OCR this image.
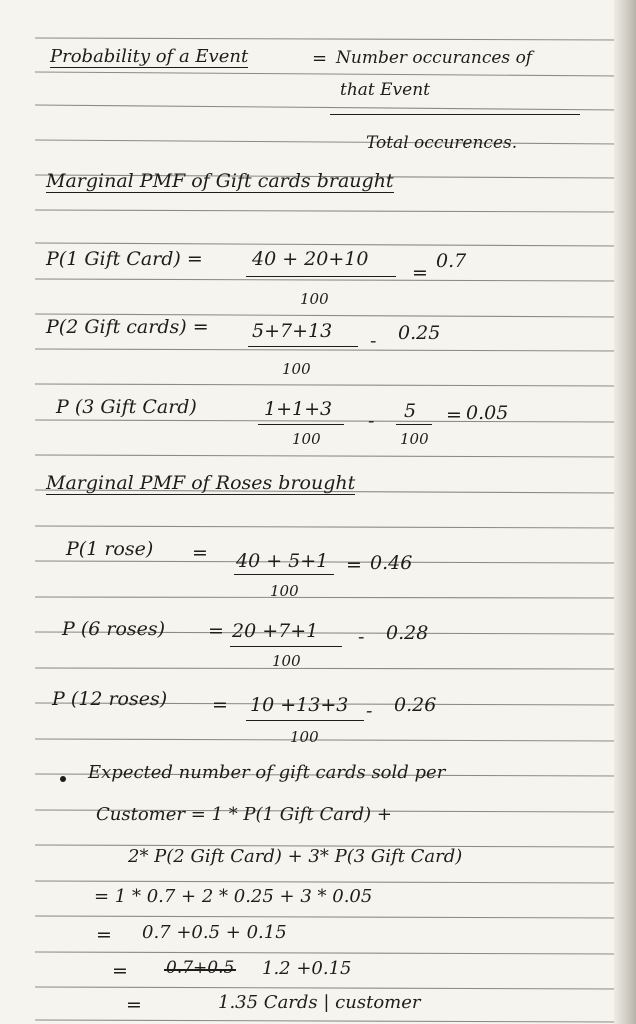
Probability of a Event	= Number occurances of
that Event
Total occurences.
Marginal PMF of Gift cards braught
P(1 Gift Card) =	40 + 20+10
100
=
0.7
P(2 Gift cards) = 5+7+13
100
- 0.25
P (3 Gift Card)	1+1+3
100
- 5
100
= 0.05
Marginal PMF of Roses brought
P(1 rose) = 40 + 5+1
100
= 0.46
P (6 roses) = 20 +7+1
100
- 0.28
P (12 roses) = 10 +13+3
100
- 0.26
Expected number of gift cards sold per
Customer = 1 * P(1 Gift Card) +
2* P(2 Gift Card) + 3* P(3 Gift Card)
= 1 * 0.7 + 2 * 0.25 + 3 * 0.05
= 0.7 +0.5 + 0.15
= 0.7+0.5 1.2 +0.15
=	1.35 Cards | customer
